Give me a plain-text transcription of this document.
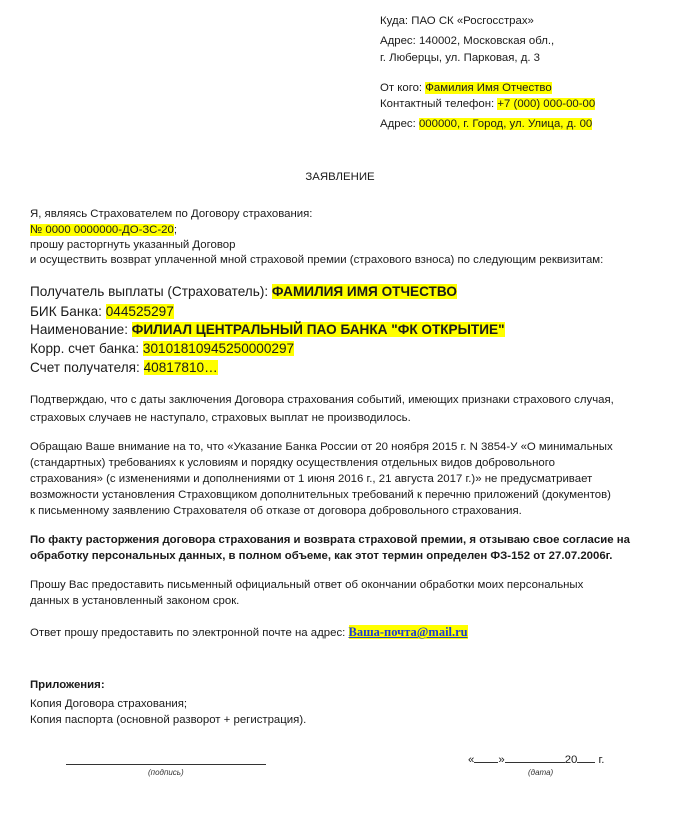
Куда: ПАО СК «Росгосстрах»
Адрес: 140002, Московская обл.,
г. Люберцы, ул. Парковая, д. 3
От кого: Фамилия Имя Отчество
Контактный телефон: +7 (000) 000-00-00
Адрес: 000000, г. Город, ул. Улица, д. 00
ЗАЯВЛЕНИЕ
Я, являясь Страхователем по Договору страхования:
№ 0000 0000000-ДО-ЗС-20;
прошу расторгнуть указанный Договор
и осуществить возврат уплаченной мной страховой премии (страхового взноса) по следующим реквизитам:
Получатель выплаты (Страхователь): ФАМИЛИЯ ИМЯ ОТЧЕСТВО
БИК Банка: 044525297
Наименование: ФИЛИАЛ ЦЕНТРАЛЬНЫЙ ПАО БАНКА "ФК ОТКРЫТИЕ"
Корр. счет банка: 30101810945250000297
Счет получателя: 40817810…
Подтверждаю, что с даты заключения Договора страхования событий, имеющих признаки страхового случая,
страховых случаев не наступало, страховых выплат не производилось.
Обращаю Ваше внимание на то, что «Указание Банка России от 20 ноября 2015 г. N 3854-У «О минимальных
(стандартных) требованиях к условиям и порядку осуществления отдельных видов добровольного
страхования» (с изменениями и дополнениями от 1 июня 2016 г., 21 августа 2017 г.)» не предусматривает
возможности установления Страховщиком дополнительных требований к перечню приложений (документов)
к письменному заявлению Страхователя об отказе от договора добровольного страхования.
По факту расторжения договора страхования и возврата страховой премии, я отзываю свое согласие на
обработку персональных данных, в полном объеме, как этот термин определен ФЗ-152 от 27.07.2006г.
Прошу Вас предоставить письменный официальный ответ об окончании обработки моих персональных
данных в установленный законом срок.
Ответ прошу предоставить по электронной почте на адрес: Ваша-почта@mail.ru
Приложения:
Копия Договора страхования;
Копия паспорта (основной разворот + регистрация).
(подпись)
« »	20 г.
(дата)
